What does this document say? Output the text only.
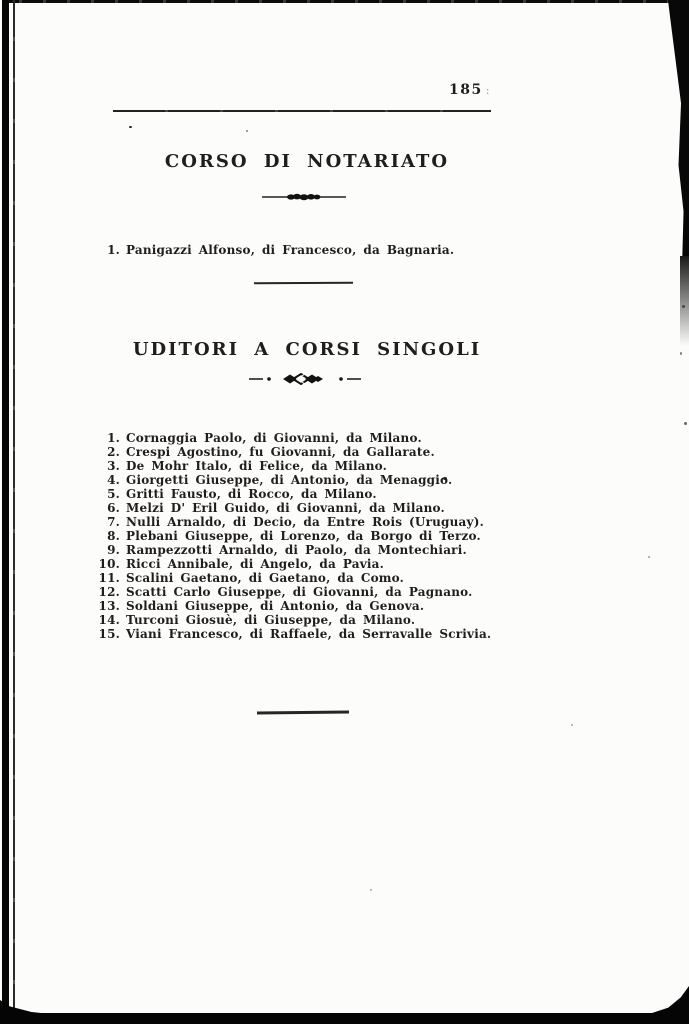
185 :
CORSO DI NOTARIATO
1. Panigazzi Alfonso, di Francesco, da Bagnaria.
UDITORI A CORSI SINGOLI
1. Cornaggia Paolo, di Giovanni, da Milano.
2. Crespi Agostino, fu Giovanni, da Gallarate.
3. De Mohr Italo, di Felice, da Milano.
4. Giorgetti Giuseppe, di Antonio, da Menaggio.
5. Gritti Fausto, di Rocco, da Milano.
6. Melzi D' Eril Guido, di Giovanni, da Milano.
7. Nulli Arnaldo, di Decio, da Entre Rois (Uruguay).
8. Plebani Giuseppe, di Lorenzo, da Borgo di Terzo.
9. Rampezzotti Arnaldo, di Paolo, da Montechiari.
10. Ricci Annibale, di Angelo, da Pavia.
11. Scalini Gaetano, di Gaetano, da Como.
12. Scatti Carlo Giuseppe, di Giovanni, da Pagnano.
13. Soldani Giuseppe, di Antonio, da Genova.
14. Turconi Giosuè, di Giuseppe, da Milano.
15. Viani Francesco, di Raffaele, da Serravalle Scrivia.
